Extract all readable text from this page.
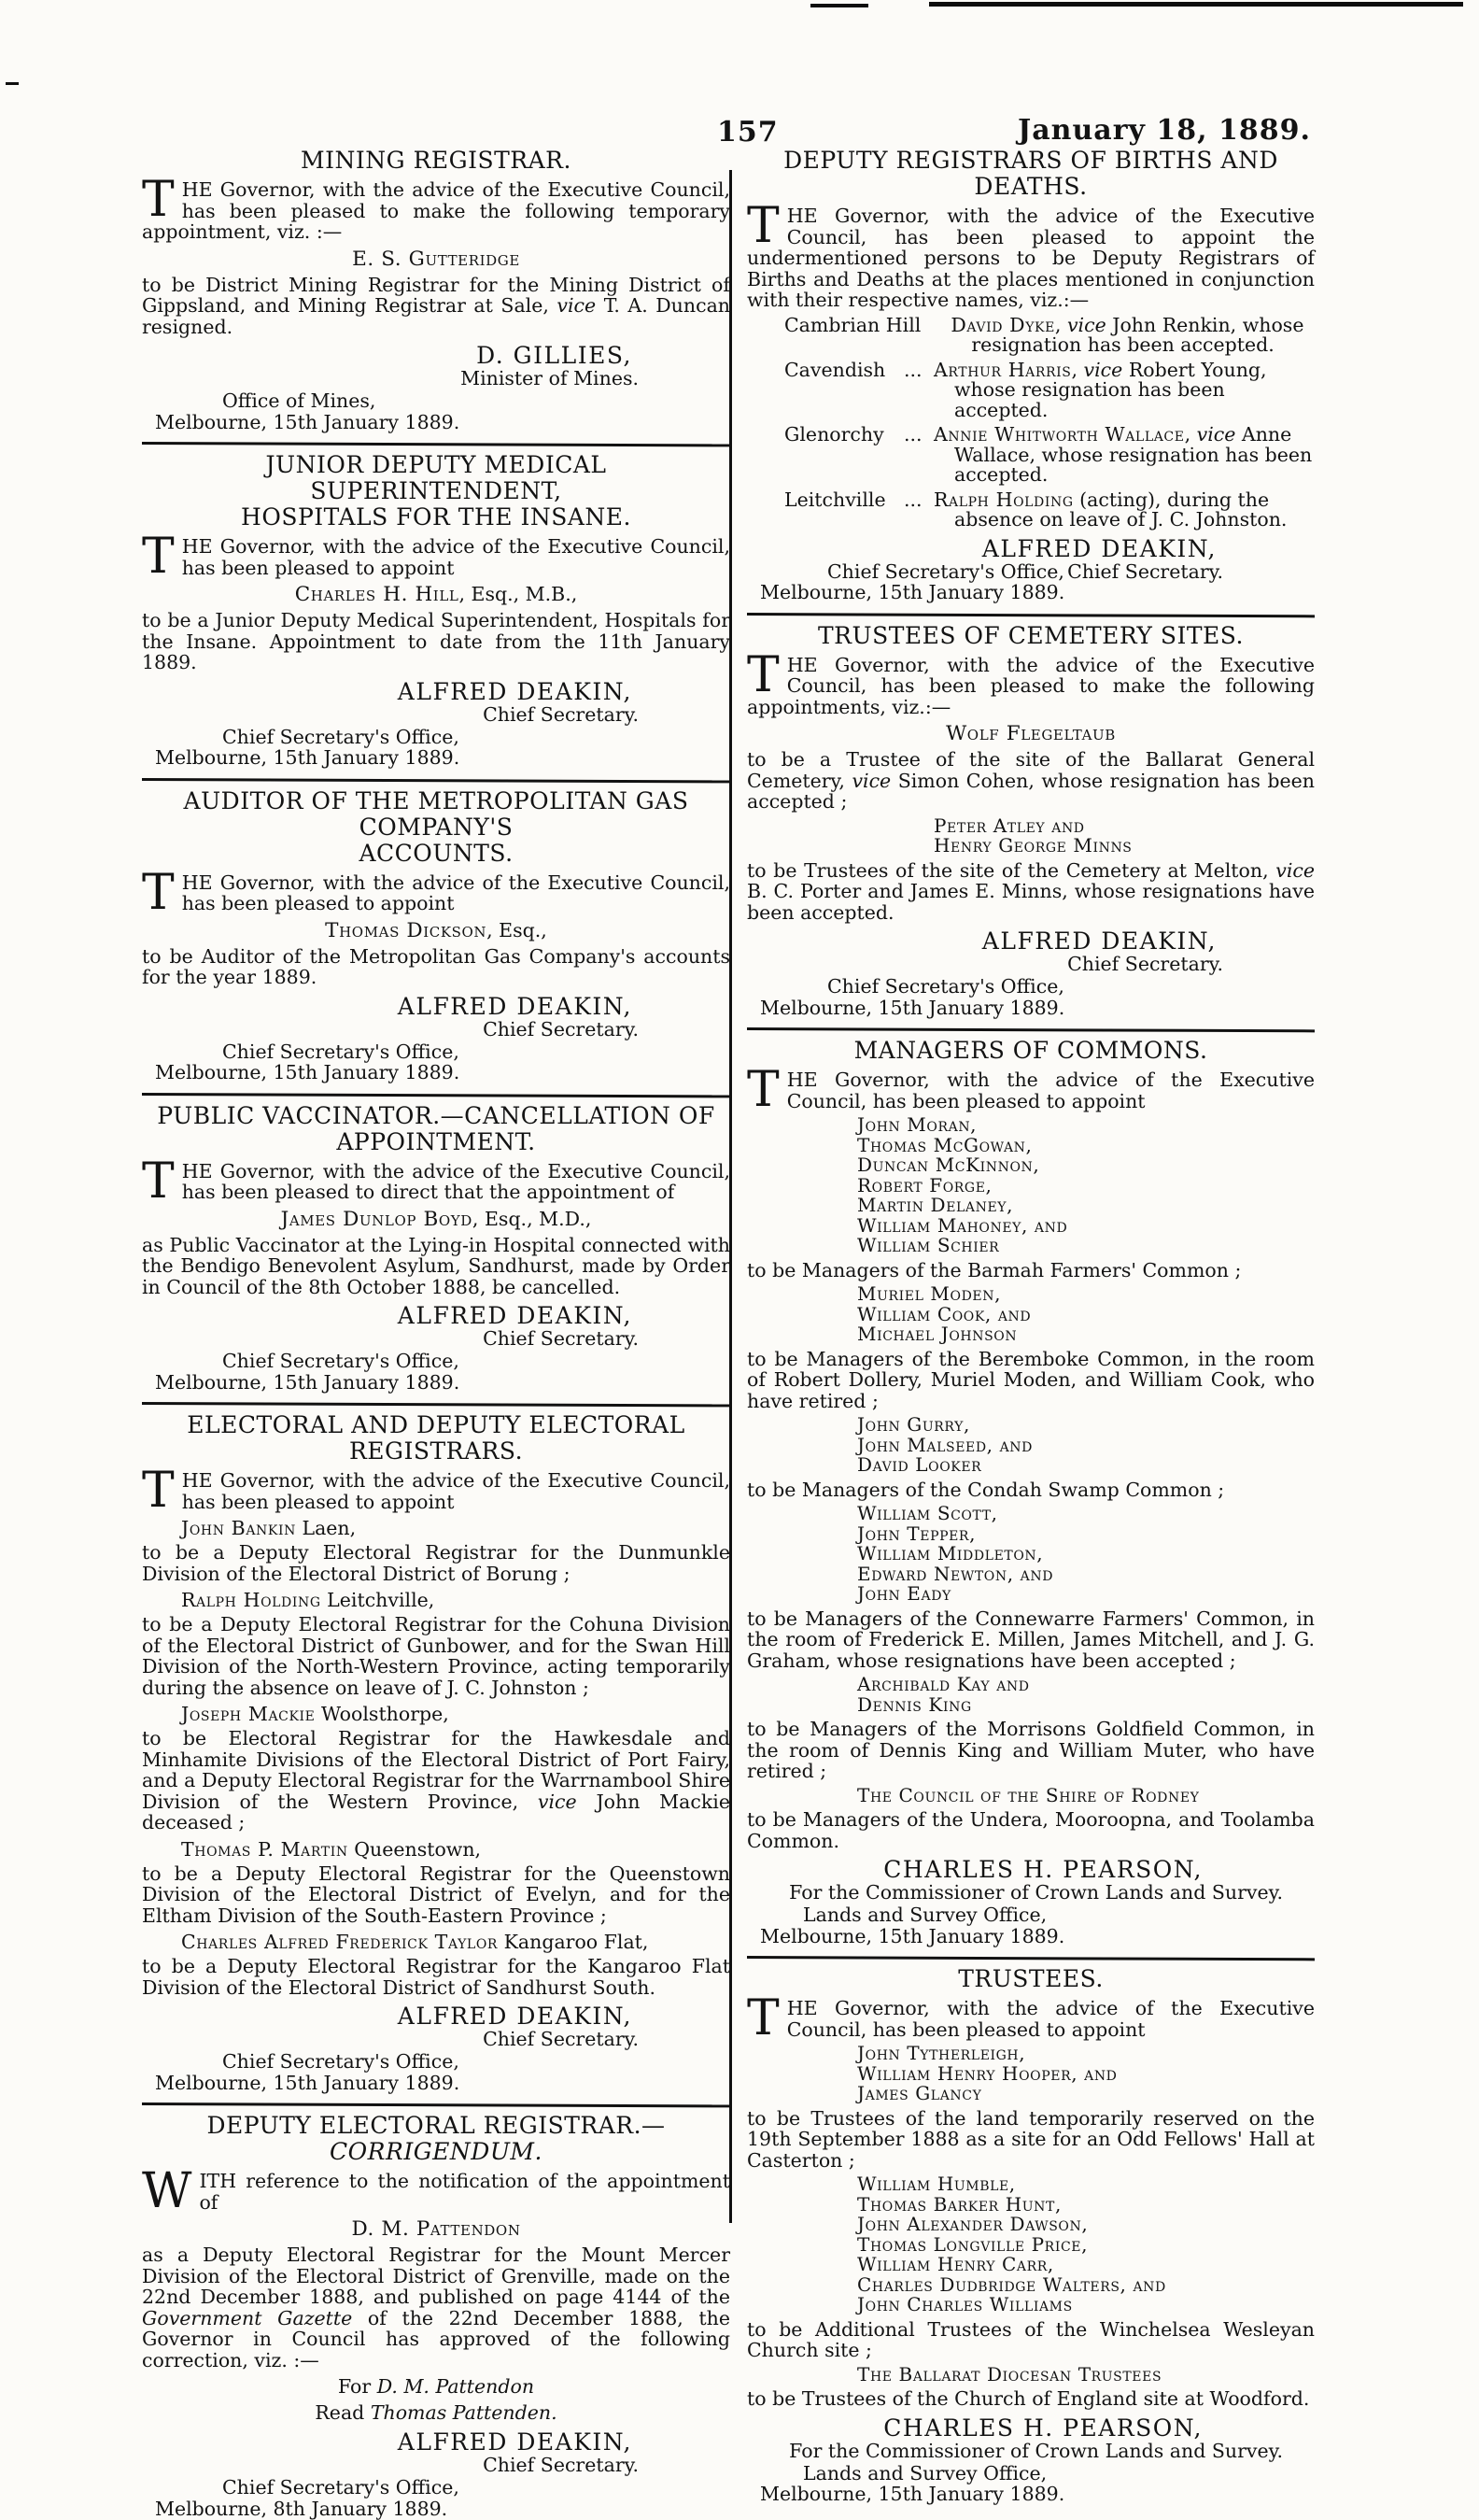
157	January 18, 1889.
MINING REGISTRAR.
THE Governor, with the advice of the Executive Council, has been pleased to make the following temporary appointment, viz. :—
E. S. Gutteridge
to be District Mining Registrar for the Mining District of Gippsland, and Mining Registrar at Sale, vice T. A. Duncan resigned.
D. GILLIES,
Minister of Mines.
Office of Mines,
Melbourne, 15th January 1889.
JUNIOR DEPUTY MEDICAL SUPERINTENDENT,
HOSPITALS FOR THE INSANE.
THE Governor, with the advice of the Executive Council, has been pleased to appoint
Charles H. Hill, Esq., M.B.,
to be a Junior Deputy Medical Superintendent, Hospitals for the Insane. Appointment to date from the 11th January 1889.
ALFRED DEAKIN,
Chief Secretary.
Chief Secretary's Office,
Melbourne, 15th January 1889.
AUDITOR OF THE METROPOLITAN GAS COMPANY'S
ACCOUNTS.
THE Governor, with the advice of the Executive Council, has been pleased to appoint
Thomas Dickson, Esq.,
to be Auditor of the Metropolitan Gas Company's accounts for the year 1889.
ALFRED DEAKIN,
Chief Secretary.
Chief Secretary's Office,
Melbourne, 15th January 1889.
PUBLIC VACCINATOR.—CANCELLATION OF
APPOINTMENT.
THE Governor, with the advice of the Executive Council, has been pleased to direct that the appointment of
James Dunlop Boyd, Esq., M.D.,
as Public Vaccinator at the Lying-in Hospital connected with the Bendigo Benevolent Asylum, Sandhurst, made by Order in Council of the 8th October 1888, be cancelled.
ALFRED DEAKIN,
Chief Secretary.
Chief Secretary's Office,
Melbourne, 15th January 1889.
ELECTORAL AND DEPUTY ELECTORAL
REGISTRARS.
THE Governor, with the advice of the Executive Council, has been pleased to appoint
John Bankin Laen,
to be a Deputy Electoral Registrar for the Dunmunkle Division of the Electoral District of Borung ;
Ralph Holding Leitchville,
to be a Deputy Electoral Registrar for the Cohuna Division of the Electoral District of Gunbower, and for the Swan Hill Division of the North-Western Province, acting temporarily during the absence on leave of J. C. Johnston ;
Joseph Mackie Woolsthorpe,
to be Electoral Registrar for the Hawkesdale and Minhamite Divisions of the Electoral District of Port Fairy, and a Deputy Electoral Registrar for the Warrnambool Shire Division of the Western Province, vice John Mackie deceased ;
Thomas P. Martin Queenstown,
to be a Deputy Electoral Registrar for the Queenstown Division of the Electoral District of Evelyn, and for the Eltham Division of the South-Eastern Province ;
Charles Alfred Frederick Taylor Kangaroo Flat,
to be a Deputy Electoral Registrar for the Kangaroo Flat Division of the Electoral District of Sandhurst South.
ALFRED DEAKIN,
Chief Secretary.
Chief Secretary's Office,
Melbourne, 15th January 1889.
DEPUTY ELECTORAL REGISTRAR.—CORRIGENDUM.
WITH reference to the notification of the appointment of
D. M. Pattendon
as a Deputy Electoral Registrar for the Mount Mercer Division of the Electoral District of Grenville, made on the 22nd December 1888, and published on page 4144 of the Government Gazette of the 22nd December 1888, the Governor in Council has approved of the following correction, viz. :—
For D. M. Pattendon
Read Thomas Pattenden.
ALFRED DEAKIN,
Chief Secretary.
Chief Secretary's Office,
Melbourne, 8th January 1889.
DEPUTY REGISTRARS OF BIRTHS AND DEATHS.
THE Governor, with the advice of the Executive Council, has been pleased to appoint the undermentioned persons to be Deputy Registrars of Births and Deaths at the places mentioned in conjunction with their respective names, viz.:—
Cambrian Hill David Dyke, vice John Renkin, whose resignation has been accepted.
Cavendish ... Arthur Harris, vice Robert Young, whose resignation has been accepted.
Glenorchy	... Annie Whitworth Wallace, vice Anne Wallace, whose resignation has been accepted.
Leitchville ... Ralph Holding (acting), during the absence on leave of J. C. Johnston.
ALFRED DEAKIN,
Chief Secretary's Office, Chief Secretary.
Melbourne, 15th January 1889.
TRUSTEES OF CEMETERY SITES.
THE Governor, with the advice of the Executive Council, has been pleased to make the following appointments, viz.:—
Wolf Flegeltaub
to be a Trustee of the site of the Ballarat General Cemetery, vice Simon Cohen, whose resignation has been accepted ;
Peter Atley and
Henry George Minns
to be Trustees of the site of the Cemetery at Melton, vice B. C. Porter and James E. Minns, whose resignations have been accepted.
ALFRED DEAKIN,
Chief Secretary.
Chief Secretary's Office,
Melbourne, 15th January 1889.
MANAGERS OF COMMONS.
THE Governor, with the advice of the Executive Council, has been pleased to appoint
John Moran,
Thomas McGowan,
Duncan McKinnon,
Robert Forge,
Martin Delaney,
William Mahoney, and
William Schier
to be Managers of the Barmah Farmers' Common ;
Muriel Moden,
William Cook, and
Michael Johnson
to be Managers of the Beremboke Common, in the room of Robert Dollery, Muriel Moden, and William Cook, who have retired ;
John Gurry,
John Malseed, and
David Looker
to be Managers of the Condah Swamp Common ;
William Scott,
John Tepper,
William Middleton,
Edward Newton, and
John Eady
to be Managers of the Connewarre Farmers' Common, in the room of Frederick E. Millen, James Mitchell, and J. G. Graham, whose resignations have been accepted ;
Archibald Kay and
Dennis King
to be Managers of the Morrisons Goldfield Common, in the room of Dennis King and William Muter, who have retired ;
The Council of the Shire of Rodney
to be Managers of the Undera, Mooroopna, and Toolamba Common.
CHARLES H. PEARSON,
For the Commissioner of Crown Lands and Survey.
Lands and Survey Office,
Melbourne, 15th January 1889.
TRUSTEES.
THE Governor, with the advice of the Executive Council, has been pleased to appoint
John Tytherleigh,
William Henry Hooper, and
James Glancy
to be Trustees of the land temporarily reserved on the 19th September 1888 as a site for an Odd Fellows' Hall at Casterton ;
William Humble,
Thomas Barker Hunt,
John Alexander Dawson,
Thomas Longville Price,
William Henry Carr,
Charles Dudbridge Walters, and
John Charles Williams
to be Additional Trustees of the Winchelsea Wesleyan Church site ;
The Ballarat Diocesan Trustees
to be Trustees of the Church of England site at Woodford.
CHARLES H. PEARSON,
For the Commissioner of Crown Lands and Survey.
Lands and Survey Office,
Melbourne, 15th January 1889.
